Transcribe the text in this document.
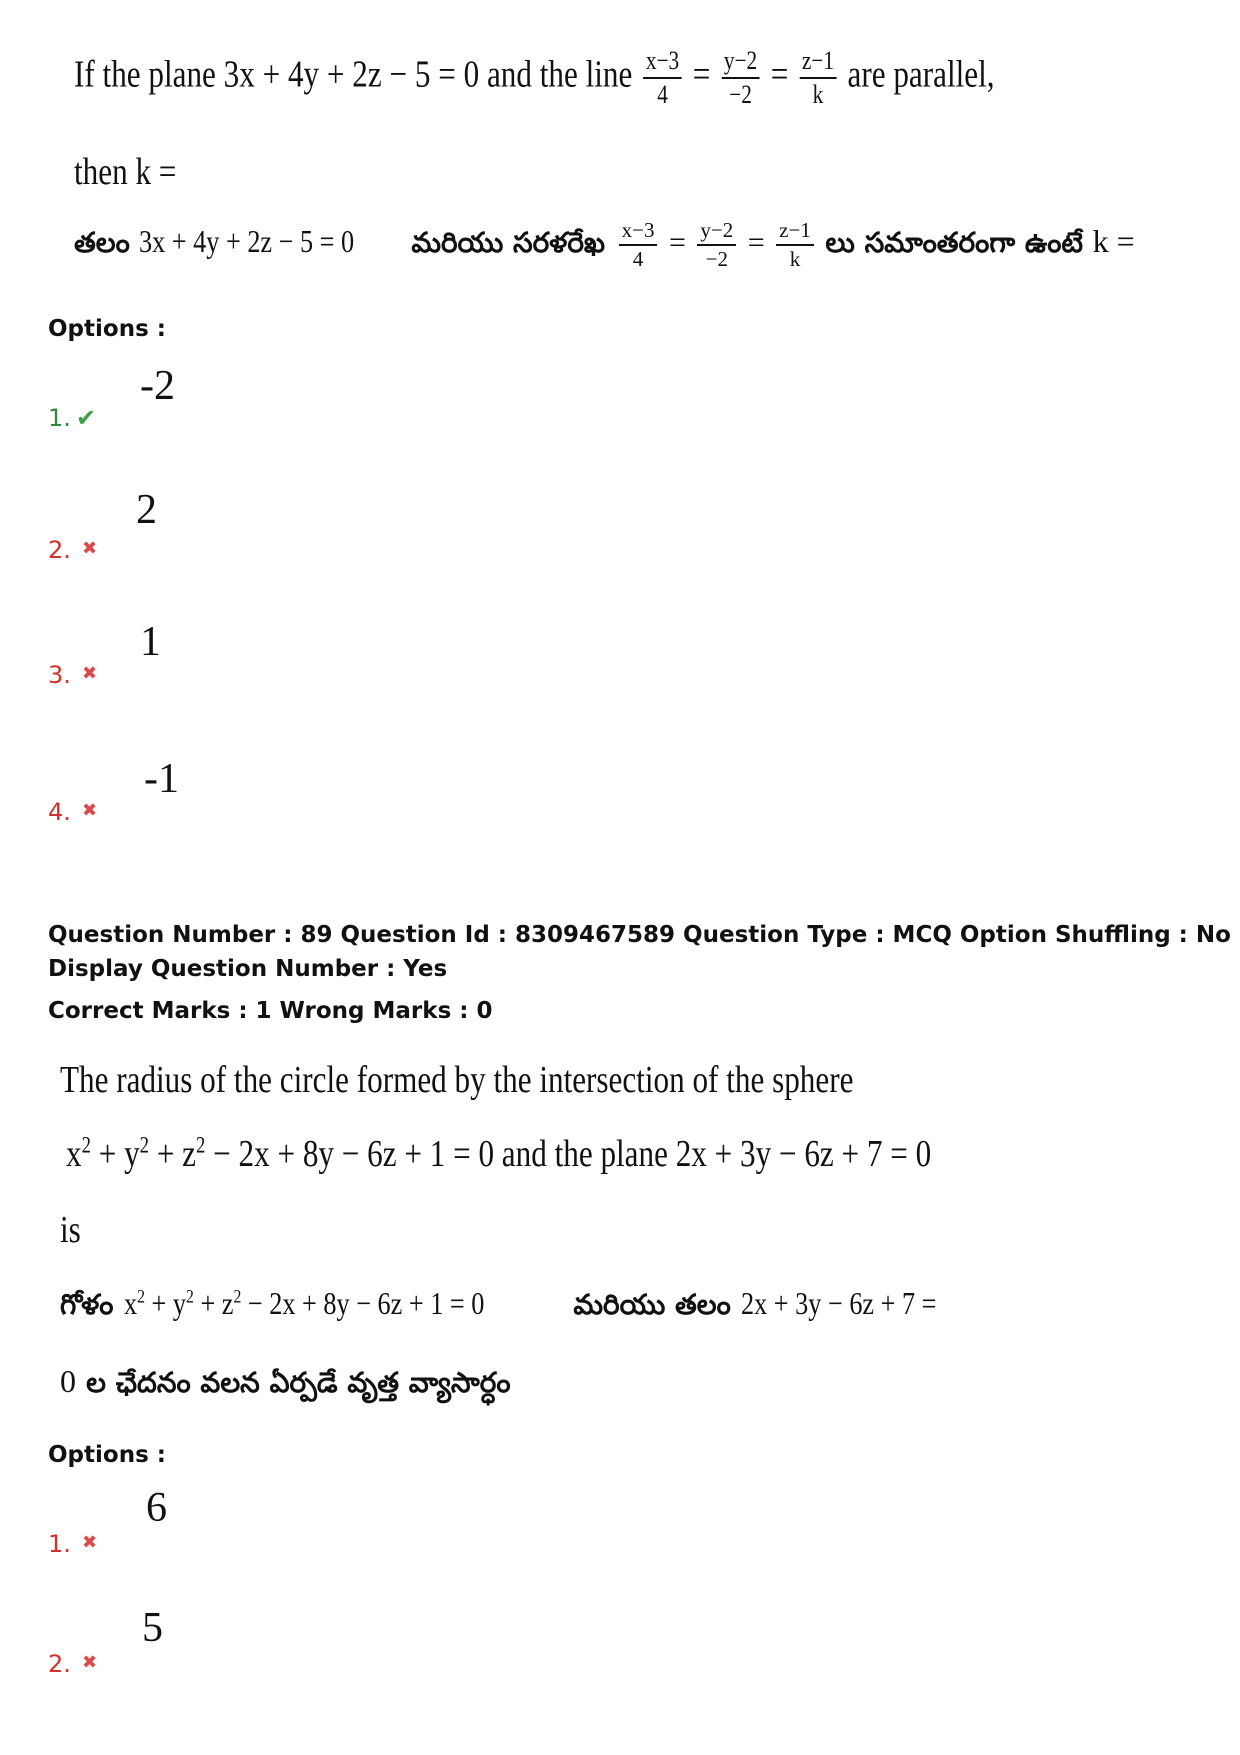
If the plane 3x + 4y + 2z − 5 = 0 and the line $\frac{x-3}{4} = \frac{y-2}{-2} = \frac{z-1}{k}$ are parallel,
then k =
తలం 3x + 4y + 2z − 5 = 0 మరియు సరళరేఖ $\frac{x-3}{4} = \frac{y-2}{-2} = \frac{z-1}{k}$ లు సమాంతరంగా ఉంటే k =
Options :
-2
1. ✔
2
2. ✖
1
3. ✖
-1
4. ✖
Question Number : 89 Question Id : 8309467589 Question Type : MCQ Option Shuffling : No
Display Question Number : Yes
Correct Marks : 1 Wrong Marks : 0
The radius of the circle formed by the intersection of the sphere
$x^2 + y^2 + z^2 - 2x + 8y - 6z + 1 = 0$ and the plane 2x + 3y − 6z + 7 = 0
is
గోళం $x^2 + y^2 + z^2 - 2x + 8y - 6z + 1 = 0$	మరియు తలం 2x + 3y − 6z + 7 =
0 ల ఛేదనం వలన ఏర్పడే వృత్త వ్యాసార్ధం
Options :
6
1. ✖
5
2. ✖
